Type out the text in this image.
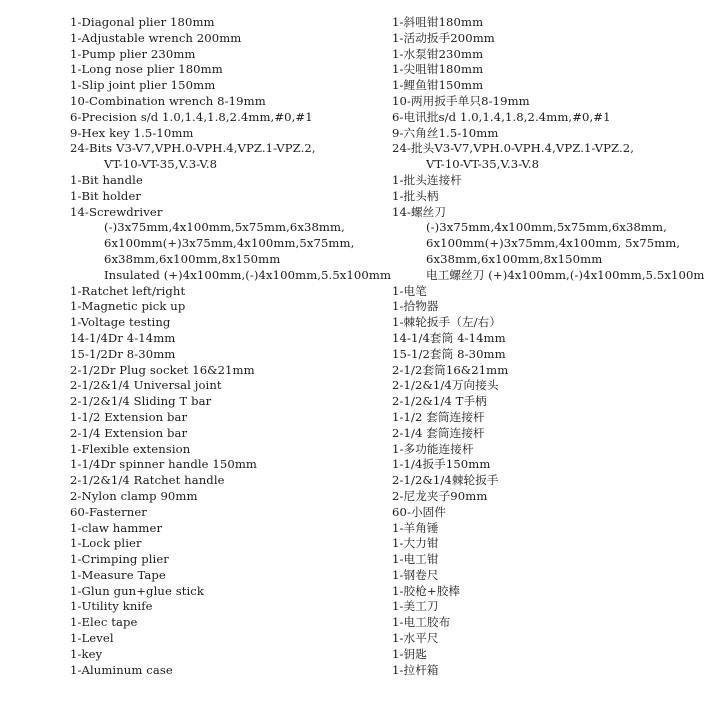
1-Diagonal plier 180mm
1-Adjustable wrench 200mm
1-Pump plier 230mm
1-Long nose plier 180mm
1-Slip joint plier 150mm
10-Combination wrench 8-19mm
6-Precision s/d 1.0,1.4,1.8,2.4mm,#0,#1
9-Hex key 1.5-10mm
24-Bits V3-V7,VPH.0-VPH.4,VPZ.1-VPZ.2,
VT-10-VT-35,V.3-V.8
1-Bit handle
1-Bit holder
14-Screwdriver
(-)3x75mm,4x100mm,5x75mm,6x38mm,
6x100mm(+)3x75mm,4x100mm,5x75mm,
6x38mm,6x100mm,8x150mm
Insulated (+)4x100mm,(-)4x100mm,5.5x100mm
1-Ratchet left/right
1-Magnetic pick up
1-Voltage testing
14-1/4Dr 4-14mm
15-1/2Dr 8-30mm
2-1/2Dr Plug socket 16&21mm
2-1/2&1/4 Universal joint
2-1/2&1/4 Sliding T bar
1-1/2 Extension bar
2-1/4 Extension bar
1-Flexible extension
1-1/4Dr spinner handle 150mm
2-1/2&1/4 Ratchet handle
2-Nylon clamp 90mm
60-Fasterner
1-claw hammer
1-Lock plier
1-Crimping plier
1-Measure Tape
1-Glun gun+glue stick
1-Utility knife
1-Elec tape
1-Level
1-key
1-Aluminum case
1-斜咀钳180mm
1-活动扳手200mm
1-水泵钳230mm
1-尖咀钳180mm
1-鲤鱼钳150mm
10-两用扳手单只8-19mm
6-电讯批s/d 1.0,1.4,1.8,2.4mm,#0,#1
9-六角丝1.5-10mm
24-批头V3-V7,VPH.0-VPH.4,VPZ.1-VPZ.2,
VT-10-VT-35,V.3-V.8
1-批头连接杆
1-批头柄
14-螺丝刀
(-)3x75mm,4x100mm,5x75mm,6x38mm,
6x100mm(+)3x75mm,4x100mm, 5x75mm,
6x38mm,6x100mm,8x150mm
电工螺丝刀 (+)4x100mm,(-)4x100mm,5.5x100m
1-电笔
1-拾物器
1-棘轮扳手（左/右）
14-1/4套筒 4-14mm
15-1/2套筒 8-30mm
2-1/2套筒16&21mm
2-1/2&1/4万向接头
2-1/2&1/4 T手柄
1-1/2 套筒连接杆
2-1/4 套筒连接杆
1-多功能连接杆
1-1/4扳手150mm
2-1/2&1/4棘轮扳手
2-尼龙夹子90mm
60-小固件
1-羊角锤
1-大力钳
1-电工钳
1-钢卷尺
1-胶枪+胶棒
1-美工刀
1-电工胶布
1-水平尺
1-钥匙
1-拉杆箱
